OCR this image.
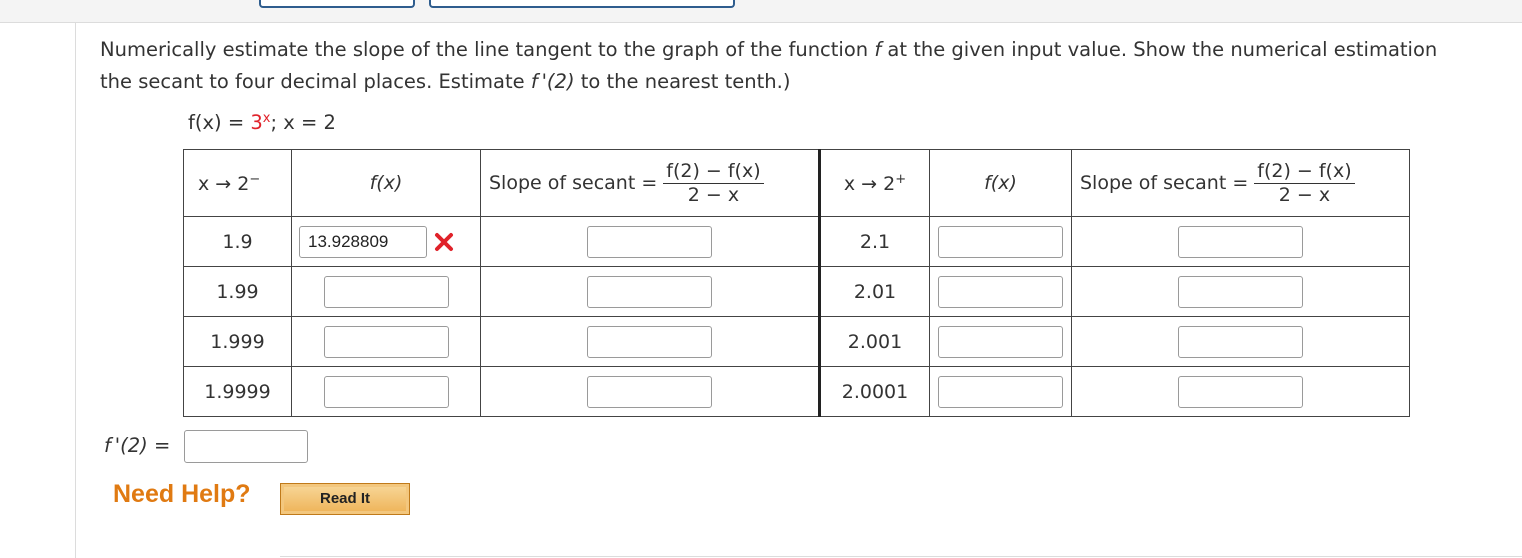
Numerically estimate the slope of the line tangent to the graph of the function f at the given input value. Show the numerical estimation
the secant to four decimal places. Estimate f '(2) to the nearest tenth.)
$f(x) = 3^x$; x = 2
x → 2−	f(x)	Slope of secant = $\frac{f(2) - f(x)}{2 - x}$	x → 2+	f(x)	Slope of secant = $\frac{f(2) - f(x)}{2 - x}$

1.9	13.928809		2.1		
1.99			2.01		
1.999			2.001		
1.9999			2.0001		
f '(2) =
Need Help?	Read It
